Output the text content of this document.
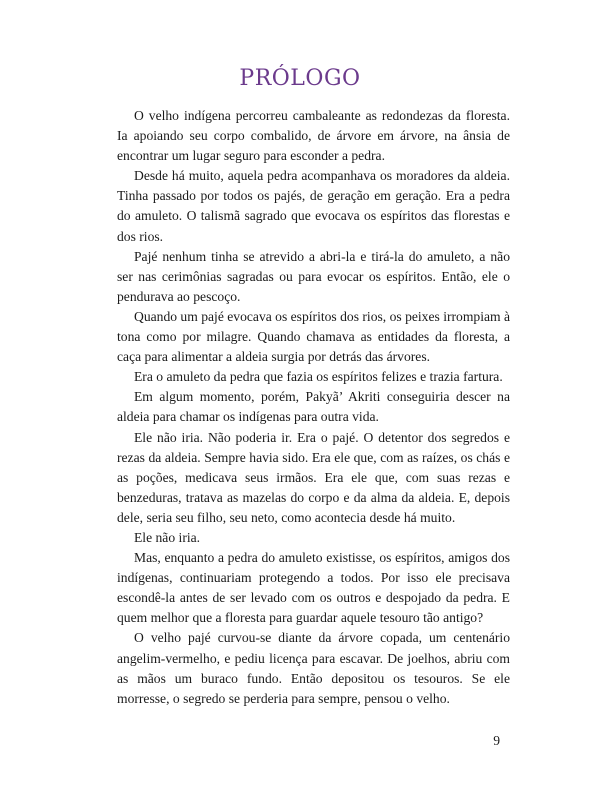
PRÓLOGO

O velho indígena percorreu cambaleante as redondezas da floresta. Ia apoiando seu corpo combalido, de árvore em árvore, na ânsia de encontrar um lugar seguro para esconder a pedra.

Desde há muito, aquela pedra acompanhava os moradores da aldeia. Tinha passado por todos os pajés, de geração em geração. Era a pedra do amuleto. O talismã sagrado que evocava os espíritos das florestas e dos rios.

Pajé nenhum tinha se atrevido a abri-la e tirá-la do amuleto, a não ser nas cerimônias sagradas ou para evocar os espíritos. Então, ele o pendurava ao pescoço.

Quando um pajé evocava os espíritos dos rios, os peixes irrompiam à tona como por milagre. Quando chamava as entidades da floresta, a caça para alimentar a aldeia surgia por detrás das árvores.

Era o amuleto da pedra que fazia os espíritos felizes e trazia fartura.

Em algum momento, porém, Pakyã’ Akriti conseguiria descer na aldeia para chamar os indígenas para outra vida.

Ele não iria. Não poderia ir. Era o pajé. O detentor dos segredos e rezas da aldeia. Sempre havia sido. Era ele que, com as raízes, os chás e as poções, medicava seus irmãos. Era ele que, com suas rezas e benzeduras, tratava as mazelas do corpo e da alma da aldeia. E, depois dele, seria seu filho, seu neto, como acontecia desde há muito.

Ele não iria.

Mas, enquanto a pedra do amuleto existisse, os espíritos, amigos dos indígenas, continuariam protegendo a todos. Por isso ele precisava escondê-la antes de ser levado com os outros e despojado da pedra. E quem melhor que a floresta para guardar aquele tesouro tão antigo?

O velho pajé curvou-se diante da árvore copada, um centenário angelim-vermelho, e pediu licença para escavar. De joelhos, abriu com as mãos um buraco fundo. Então depositou os tesouros. Se ele morresse, o segredo se perderia para sempre, pensou o velho.

9
